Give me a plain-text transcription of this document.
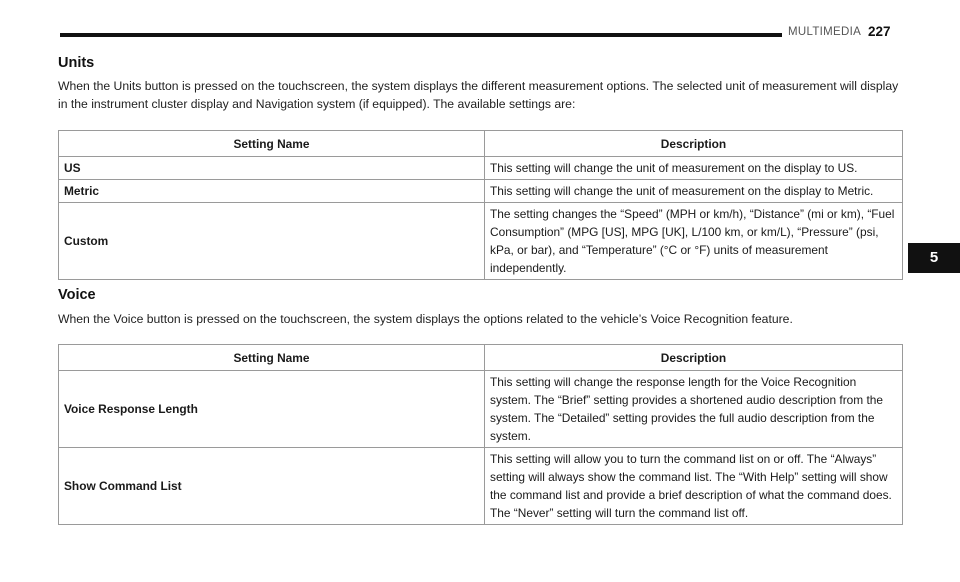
MULTIMEDIA 227
5
Units
When the Units button is pressed on the touchscreen, the system displays the different measurement options. The selected unit of measurement will display in the instrument cluster display and Navigation system (if equipped). The available settings are:
Setting Name	Description
US	This setting will change the unit of measurement on the display to US.
Metric	This setting will change the unit of measurement on the display to Metric.
Custom	The setting changes the “Speed” (MPH or km/h), “Distance” (mi or km), “Fuel Consumption” (MPG [US], MPG [UK], L/100 km, or km/L), “Pressure” (psi, kPa, or bar), and “Temperature” (°C or °F) units of measurement independently.
Voice
When the Voice button is pressed on the touchscreen, the system displays the options related to the vehicle’s Voice Recognition feature.
Setting Name	Description
Voice Response Length	This setting will change the response length for the Voice Recognition system. The “Brief” setting provides a shortened audio description from the system. The “Detailed” setting provides the full audio description from the system.
Show Command List	This setting will allow you to turn the command list on or off. The “Always” setting will always show the command list. The “With Help” setting will show the command list and provide a brief description of what the command does. The “Never” setting will turn the command list off.
